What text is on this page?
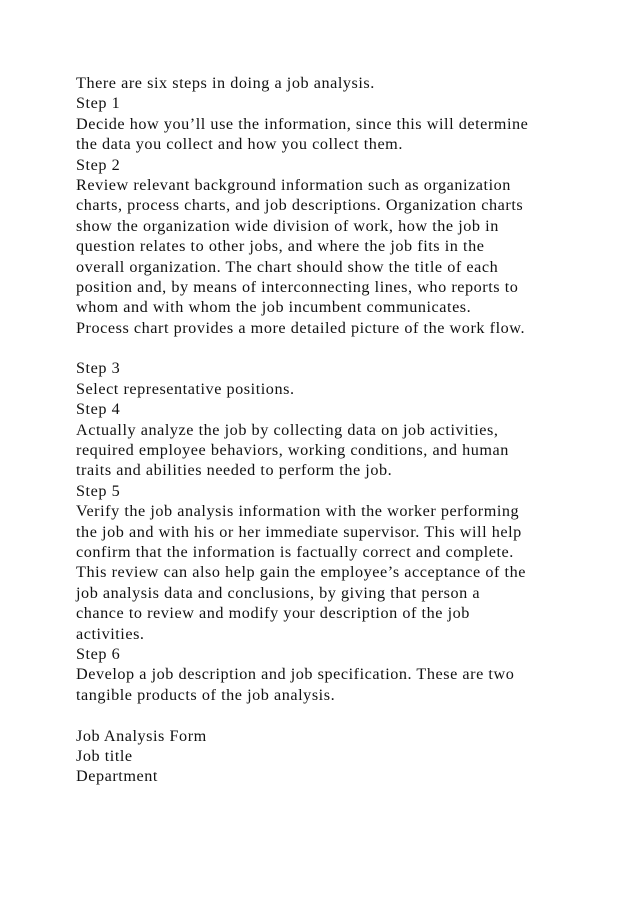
There are six steps in doing a job analysis.
Step 1
Decide how you’ll use the information, since this will determine
the data you collect and how you collect them.
Step 2
Review relevant background information such as organization
charts, process charts, and job descriptions. Organization charts
show the organization wide division of work, how the job in
question relates to other jobs, and where the job fits in the
overall organization. The chart should show the title of each
position and, by means of interconnecting lines, who reports to
whom and with whom the job incumbent communicates.
Process chart provides a more detailed picture of the work flow.
Step 3
Select representative positions.
Step 4
Actually analyze the job by collecting data on job activities,
required employee behaviors, working conditions, and human
traits and abilities needed to perform the job.
Step 5
Verify the job analysis information with the worker performing
the job and with his or her immediate supervisor. This will help
confirm that the information is factually correct and complete.
This review can also help gain the employee’s acceptance of the
job analysis data and conclusions, by giving that person a
chance to review and modify your description of the job
activities.
Step 6
Develop a job description and job specification. These are two
tangible products of the job analysis.
Job Analysis Form
Job title
Department
